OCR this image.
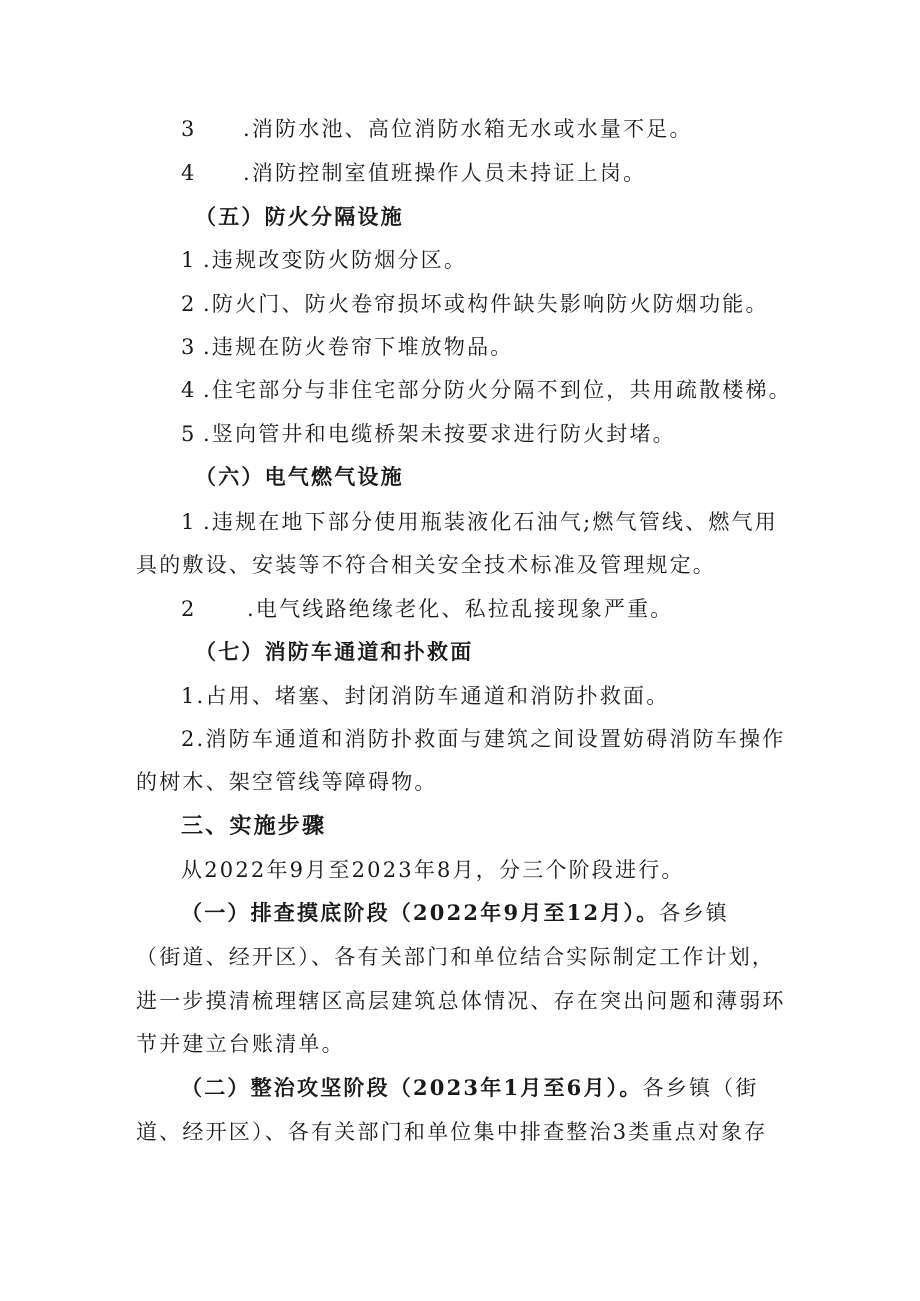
3 .消防水池、高位消防水箱无水或水量不足。
4 .消防控制室值班操作人员未持证上岗。
（五）防火分隔设施
1 .违规改变防火防烟分区。
2 .防火门、防火卷帘损坏或构件缺失影响防火防烟功能。
3 .违规在防火卷帘下堆放物品。
4 .住宅部分与非住宅部分防火分隔不到位，共用疏散楼梯。
5 .竖向管井和电缆桥架未按要求进行防火封堵。
（六）电气燃气设施
1 .违规在地下部分使用瓶装液化石油气;燃气管线、燃气用
具的敷设、安装等不符合相关安全技术标准及管理规定。
2 .电气线路绝缘老化、私拉乱接现象严重。
（七）消防车通道和扑救面
1.占用、堵塞、封闭消防车通道和消防扑救面。
2.消防车通道和消防扑救面与建筑之间设置妨碍消防车操作
的树木、架空管线等障碍物。
三、实施步骤
从2022年9月至2023年8月，分三个阶段进行。
（一）排查摸底阶段（2022年9月至12月）。各乡镇
（街道、经开区）、各有关部门和单位结合实际制定工作计划，
进一步摸清梳理辖区高层建筑总体情况、存在突出问题和薄弱环
节并建立台账清单。
（二）整治攻坚阶段（2023年1月至6月）。各乡镇（街
道、经开区）、各有关部门和单位集中排查整治3类重点对象存
